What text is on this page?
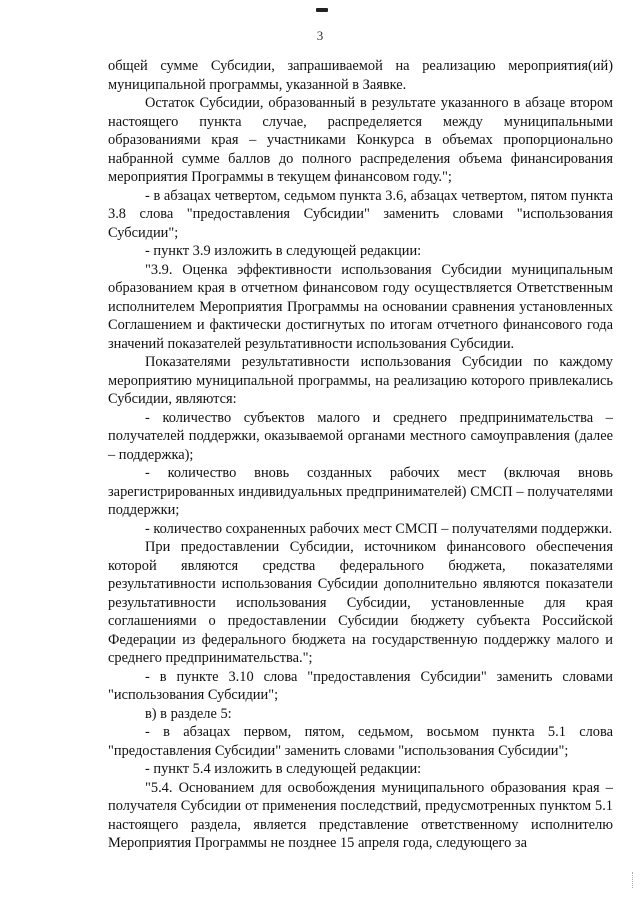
3

общей сумме Субсидии, запрашиваемой на реализацию мероприятия(ий) муниципальной программы, указанной в Заявке.

Остаток Субсидии, образованный в результате указанного в абзаце втором настоящего пункта случае, распределяется между муниципальными образованиями края – участниками Конкурса в объемах пропорционально набранной сумме баллов до полного распределения объема финансирования мероприятия Программы в текущем финансовом году.";

- в абзацах четвертом, седьмом пункта 3.6, абзацах четвертом, пятом пункта 3.8 слова "предоставления Субсидии" заменить словами "использования Субсидии";

- пункт 3.9 изложить в следующей редакции:

"3.9. Оценка эффективности использования Субсидии муниципальным образованием края в отчетном финансовом году осуществляется Ответственным исполнителем Мероприятия Программы на основании сравнения установленных Соглашением и фактически достигнутых по итогам отчетного финансового года значений показателей результативности использования Субсидии.

Показателями результативности использования Субсидии по каждому мероприятию муниципальной программы, на реализацию которого привлекались Субсидии, являются:

- количество субъектов малого и среднего предпринимательства – получателей поддержки, оказываемой органами местного самоуправления (далее – поддержка);

- количество вновь созданных рабочих мест (включая вновь зарегистрированных индивидуальных предпринимателей) СМСП – получателями поддержки;

- количество сохраненных рабочих мест СМСП – получателями поддержки.

При предоставлении Субсидии, источником финансового обеспечения которой являются средства федерального бюджета, показателями результативности использования Субсидии дополнительно являются показатели результативности использования Субсидии, установленные для края соглашениями о предоставлении Субсидии бюджету субъекта Российской Федерации из федерального бюджета на государственную поддержку малого и среднего предпринимательства.";

- в пункте 3.10 слова "предоставления Субсидии" заменить словами "использования Субсидии";

в) в разделе 5:

- в абзацах первом, пятом, седьмом, восьмом пункта 5.1 слова "предоставления Субсидии" заменить словами "использования Субсидии";

- пункт 5.4 изложить в следующей редакции:

"5.4. Основанием для освобождения муниципального образования края – получателя Субсидии от применения последствий, предусмотренных пунктом 5.1 настоящего раздела, является представление ответственному исполнителю Мероприятия Программы не позднее 15 апреля года, следующего за
